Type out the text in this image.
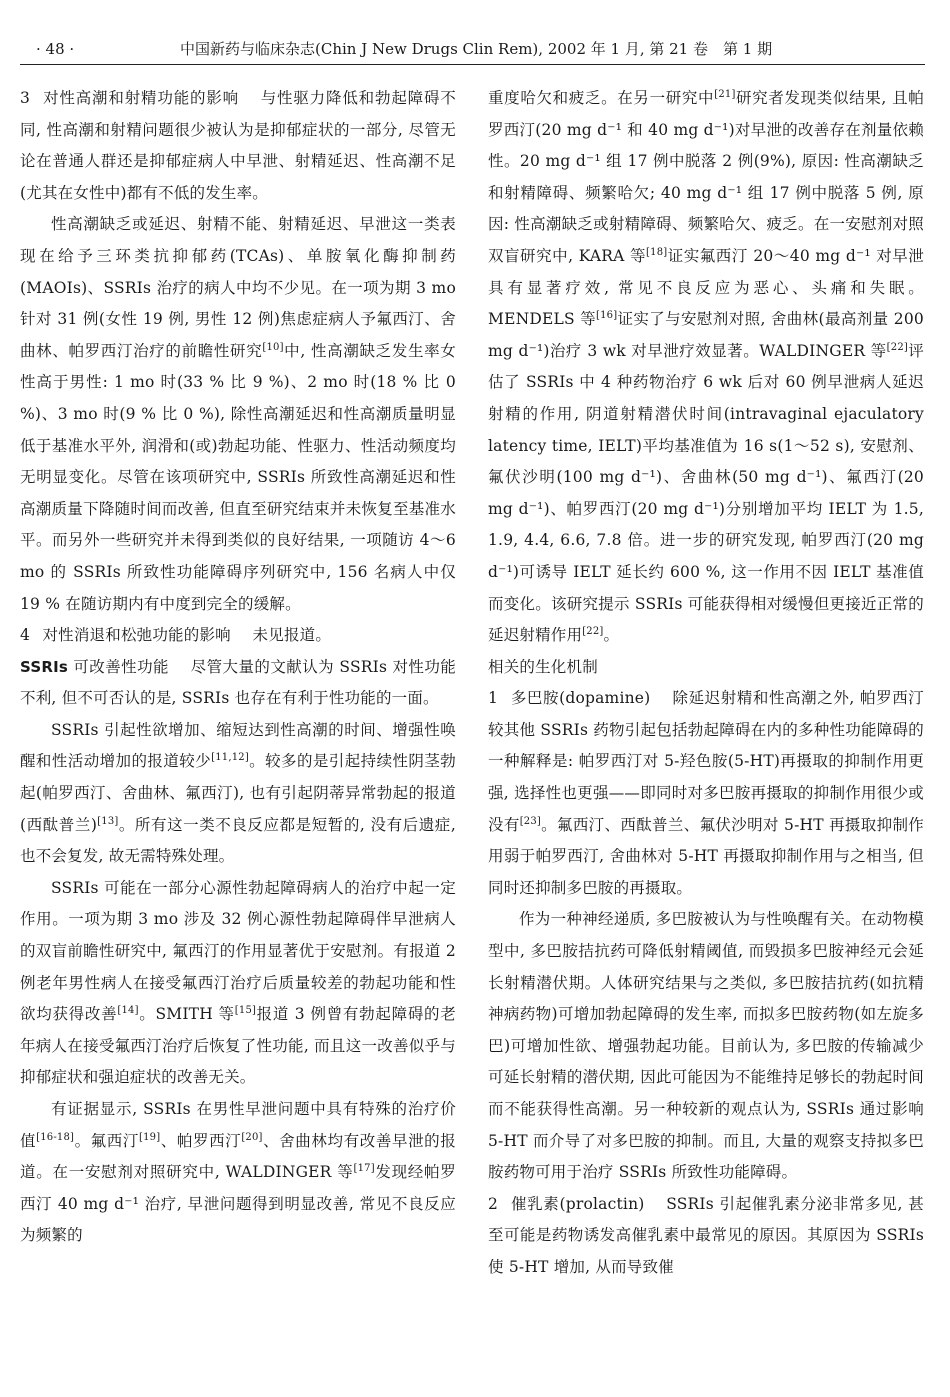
· 48 ·	中国新药与临床杂志(Chin J New Drugs Clin Rem), 2002 年 1 月, 第 21 卷　第 1 期

3 对性高潮和射精功能的影响 与性驱力降低和勃起障碍不同, 性高潮和射精问题很少被认为是抑郁症状的一部分, 尽管无论在普通人群还是抑郁症病人中早泄、射精延迟、性高潮不足(尤其在女性中)都有不低的发生率。

性高潮缺乏或延迟、射精不能、射精延迟、早泄这一类表现在给予三环类抗抑郁药(TCAs)、单胺氧化酶抑制药(MAOIs)、SSRIs 治疗的病人中均不少见。在一项为期 3 mo 针对 31 例(女性 19 例, 男性 12 例)焦虑症病人予氟西汀、舍曲林、帕罗西汀治疗的前瞻性研究[10]中, 性高潮缺乏发生率女性高于男性: 1 mo 时(33 % 比 9 %)、2 mo 时(18 % 比 0 %)、3 mo 时(9 % 比 0 %), 除性高潮延迟和性高潮质量明显低于基准水平外, 润滑和(或)勃起功能、性驱力、性活动频度均无明显变化。尽管在该项研究中, SSRIs 所致性高潮延迟和性高潮质量下降随时间而改善, 但直至研究结束并未恢复至基准水平。而另外一些研究并未得到类似的良好结果, 一项随访 4～6 mo 的 SSRIs 所致性功能障碍序列研究中, 156 名病人中仅 19 % 在随访期内有中度到完全的缓解。

4 对性消退和松弛功能的影响 未见报道。

SSRIs 可改善性功能 尽管大量的文献认为 SSRIs 对性功能不利, 但不可否认的是, SSRIs 也存在有利于性功能的一面。

SSRIs 引起性欲增加、缩短达到性高潮的时间、增强性唤醒和性活动增加的报道较少[11,12]。较多的是引起持续性阴茎勃起(帕罗西汀、舍曲林、氟西汀), 也有引起阴蒂异常勃起的报道(西酞普兰)[13]。所有这一类不良反应都是短暂的, 没有后遗症, 也不会复发, 故无需特殊处理。

SSRIs 可能在一部分心源性勃起障碍病人的治疗中起一定作用。一项为期 3 mo 涉及 32 例心源性勃起障碍伴早泄病人的双盲前瞻性研究中, 氟西汀的作用显著优于安慰剂。有报道 2 例老年男性病人在接受氟西汀治疗后质量较差的勃起功能和性欲均获得改善[14]。SMITH 等[15]报道 3 例曾有勃起障碍的老年病人在接受氟西汀治疗后恢复了性功能, 而且这一改善似乎与抑郁症状和强迫症状的改善无关。

有证据显示, SSRIs 在男性早泄问题中具有特殊的治疗价值[16-18]。氟西汀[19]、帕罗西汀[20]、舍曲林均有改善早泄的报道。在一安慰剂对照研究中, WALDINGER 等[17]发现经帕罗西汀 40 mg d⁻¹ 治疗, 早泄问题得到明显改善, 常见不良反应为频繁的

重度哈欠和疲乏。在另一研究中[21]研究者发现类似结果, 且帕罗西汀(20 mg d⁻¹ 和 40 mg d⁻¹)对早泄的改善存在剂量依赖性。20 mg d⁻¹ 组 17 例中脱落 2 例(9%), 原因: 性高潮缺乏和射精障碍、频繁哈欠; 40 mg d⁻¹ 组 17 例中脱落 5 例, 原因: 性高潮缺乏或射精障碍、频繁哈欠、疲乏。在一安慰剂对照双盲研究中, KARA 等[18]证实氟西汀 20～40 mg d⁻¹ 对早泄具有显著疗效, 常见不良反应为恶心、头痛和失眠。MENDELS 等[16]证实了与安慰剂对照, 舍曲林(最高剂量 200 mg d⁻¹)治疗 3 wk 对早泄疗效显著。WALDINGER 等[22]评估了 SSRIs 中 4 种药物治疗 6 wk 后对 60 例早泄病人延迟射精的作用, 阴道射精潜伏时间(intravaginal ejaculatory latency time, IELT)平均基准值为 16 s(1～52 s), 安慰剂、氟伏沙明(100 mg d⁻¹)、舍曲林(50 mg d⁻¹)、氟西汀(20 mg d⁻¹)、帕罗西汀(20 mg d⁻¹)分别增加平均 IELT 为 1.5, 1.9, 4.4, 6.6, 7.8 倍。进一步的研究发现, 帕罗西汀(20 mg d⁻¹)可诱导 IELT 延长约 600 %, 这一作用不因 IELT 基准值而变化。该研究提示 SSRIs 可能获得相对缓慢但更接近正常的延迟射精作用[22]。

相关的生化机制

1 多巴胺(dopamine) 除延迟射精和性高潮之外, 帕罗西汀较其他 SSRIs 药物引起包括勃起障碍在内的多种性功能障碍的一种解释是: 帕罗西汀对 5-羟色胺(5-HT)再摄取的抑制作用更强, 选择性也更强——即同时对多巴胺再摄取的抑制作用很少或没有[23]。氟西汀、西酞普兰、氟伏沙明对 5-HT 再摄取抑制作用弱于帕罗西汀, 舍曲林对 5-HT 再摄取抑制作用与之相当, 但同时还抑制多巴胺的再摄取。

作为一种神经递质, 多巴胺被认为与性唤醒有关。在动物模型中, 多巴胺拮抗药可降低射精阈值, 而毁损多巴胺神经元会延长射精潜伏期。人体研究结果与之类似, 多巴胺拮抗药(如抗精神病药物)可增加勃起障碍的发生率, 而拟多巴胺药物(如左旋多巴)可增加性欲、增强勃起功能。目前认为, 多巴胺的传输减少可延长射精的潜伏期, 因此可能因为不能维持足够长的勃起时间而不能获得性高潮。另一种较新的观点认为, SSRIs 通过影响 5-HT 而介导了对多巴胺的抑制。而且, 大量的观察支持拟多巴胺药物可用于治疗 SSRIs 所致性功能障碍。

2 催乳素(prolactin) SSRIs 引起催乳素分泌非常多见, 甚至可能是药物诱发高催乳素中最常见的原因。其原因为 SSRIs 使 5-HT 增加, 从而导致催
